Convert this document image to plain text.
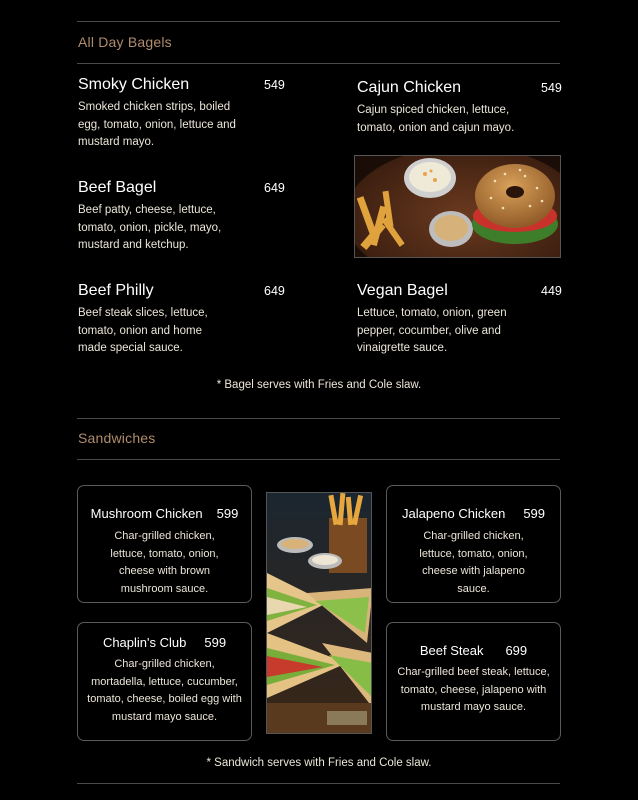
All Day Bagels
Smoky Chicken	549
Smoked chicken strips, boiled egg, tomato, onion, lettuce and mustard mayo.
Beef Bagel	649
Beef patty, cheese, lettuce, tomato, onion, pickle, mayo, mustard and ketchup.
Beef Philly	649
Beef steak slices, lettuce, tomato, onion and home made special sauce.
Cajun Chicken	549
Cajun spiced chicken, lettuce, tomato, onion and cajun mayo.
Vegan Bagel	449
Lettuce, tomato, onion, green pepper, cocumber, olive and vinaigrette sauce.
* Bagel serves with Fries and Cole slaw.
Sandwiches
Mushroom Chicken 599
Char-grilled chicken, lettuce, tomato, onion, cheese with brown mushroom sauce.
Chaplin's Club 599
Char-grilled chicken, mortadella, lettuce, cucumber, tomato, cheese, boiled egg with mustard mayo sauce.
Jalapeno Chicken 599
Char-grilled chicken, lettuce, tomato, onion, cheese with jalapeno sauce.
Beef Steak 699
Char-grilled beef steak, lettuce, tomato, cheese, jalapeno with mustard mayo sauce.
* Sandwich serves with Fries and Cole slaw.
